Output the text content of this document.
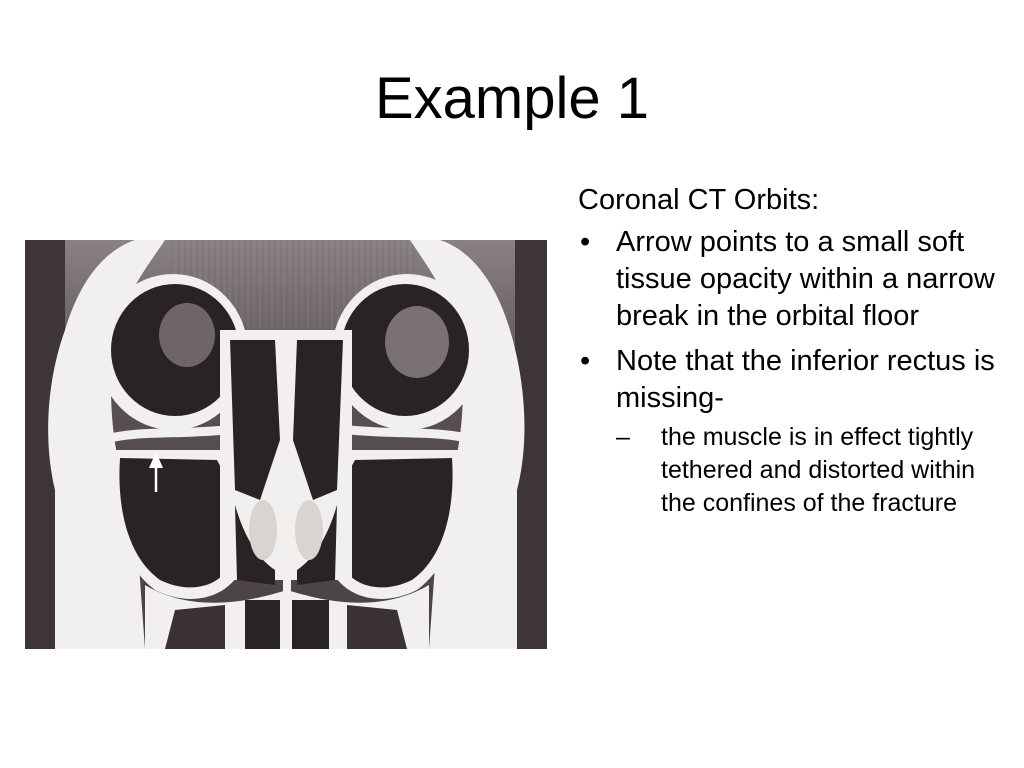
Example 1

Coronal CT Orbits:

• Arrow points to a small soft tissue opacity within a narrow break in the orbital floor
• Note that the inferior rectus is missing-
– the muscle is in effect tightly tethered and distorted within the confines of the fracture
